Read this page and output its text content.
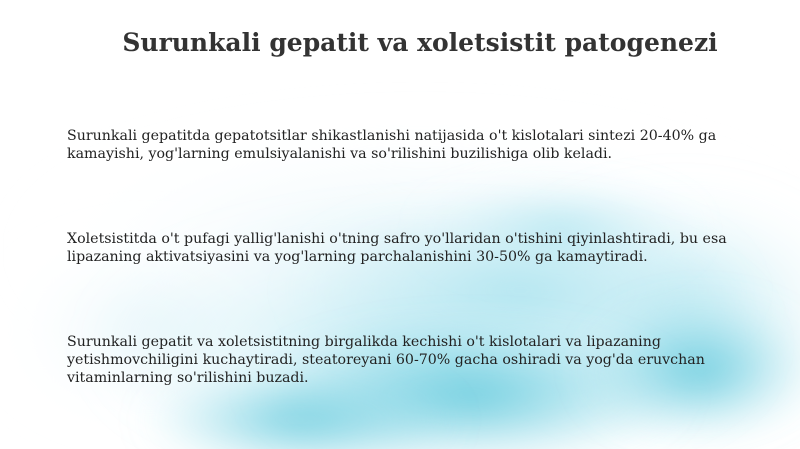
Surunkali gepatit va xoletsistit patogenezi

Surunkali gepatitda gepatotsitlar shikastlanishi natijasida o't kislotalari sintezi 20-40% ga kamayishi, yog'larning emulsiyalanishi va so'rilishini buzilishiga olib keladi.

Xoletsistitda o't pufagi yallig'lanishi o'tning safro yo'llaridan o'tishini qiyinlashtiradi, bu esa lipazaning aktivatsiyasini va yog'larning parchalanishini 30-50% ga kamaytiradi.

Surunkali gepatit va xoletsistitning birgalikda kechishi o't kislotalari va lipazaning yetishmovchiligini kuchaytiradi, steatoreyani 60-70% gacha oshiradi va yog'da eruvchan vitaminlarning so'rilishini buzadi.
